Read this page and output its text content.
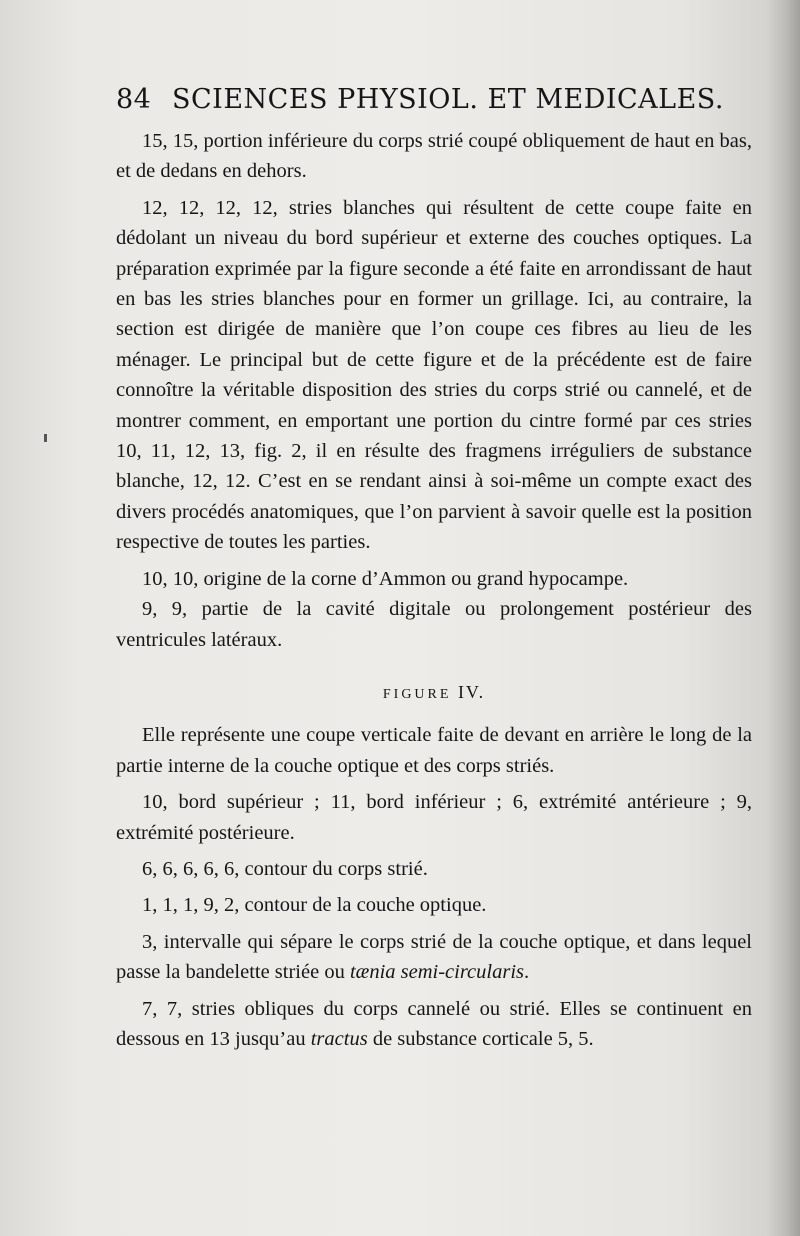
84 SCIENCES PHYSIOL. ET MEDICALES.

15, 15, portion inférieure du corps strié coupé obliquement de haut en bas, et de dedans en dehors.

12, 12, 12, 12, stries blanches qui résultent de cette coupe faite en dédolant un niveau du bord supérieur et externe des couches optiques. La préparation exprimée par la figure seconde a été faite en arrondissant de haut en bas les stries blanches pour en former un grillage. Ici, au contraire, la section est dirigée de manière que l’on coupe ces fibres au lieu de les ménager. Le principal but de cette figure et de la précédente est de faire connoître la véritable disposition des stries du corps strié ou cannelé, et de montrer comment, en emportant une portion du cintre formé par ces stries 10, 11, 12, 13, fig. 2, il en résulte des fragmens irréguliers de substance blanche, 12, 12. C’est en se rendant ainsi à soi-même un compte exact des divers procédés anatomiques, que l’on parvient à savoir quelle est la position respective de toutes les parties.

10, 10, origine de la corne d’Ammon ou grand hypocampe.

9, 9, partie de la cavité digitale ou prolongement postérieur des ventricules latéraux.

FIGURE IV.

Elle représente une coupe verticale faite de devant en arrière le long de la partie interne de la couche optique et des corps striés.

10, bord supérieur ; 11, bord inférieur ; 6, extrémité antérieure ; 9, extrémité postérieure.

6, 6, 6, 6, 6, contour du corps strié.

1, 1, 1, 9, 2, contour de la couche optique.

3, intervalle qui sépare le corps strié de la couche optique, et dans lequel passe la bandelette striée ou tænia semi-circularis.

7, 7, stries obliques du corps cannelé ou strié. Elles se continuent en dessous en 13 jusqu’au tractus de substance corticale 5, 5.
